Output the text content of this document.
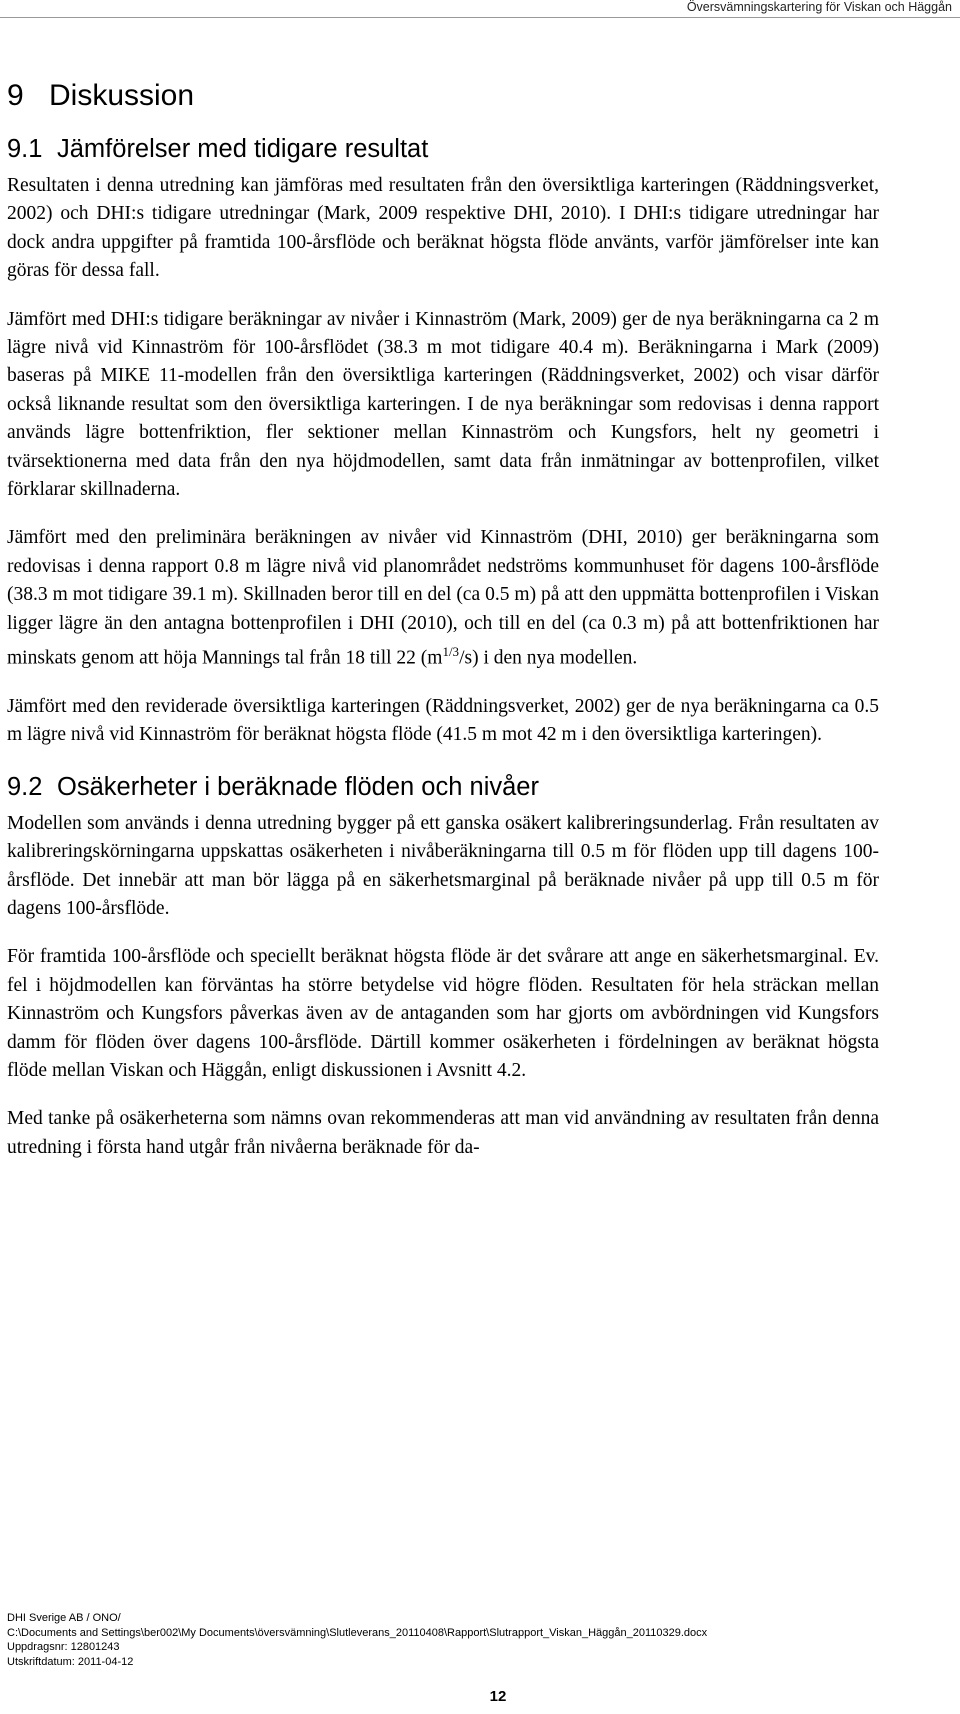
Översvämningskartering för Viskan och Häggån
9 Diskussion
9.1 Jämförelser med tidigare resultat

Resultaten i denna utredning kan jämföras med resultaten från den översiktliga karteringen (Räddningsverket, 2002) och DHI:s tidigare utredningar (Mark, 2009 respektive DHI, 2010). I DHI:s tidigare utredningar har dock andra uppgifter på framtida 100-årsflöde och beräknat högsta flöde använts, varför jämförelser inte kan göras för dessa fall.

Jämfört med DHI:s tidigare beräkningar av nivåer i Kinnaström (Mark, 2009) ger de nya beräkningarna ca 2 m lägre nivå vid Kinnaström för 100-årsflödet (38.3 m mot tidigare 40.4 m). Beräkningarna i Mark (2009) baseras på MIKE 11-modellen från den översiktliga karteringen (Räddningsverket, 2002) och visar därför också liknande resultat som den översiktliga karteringen. I de nya beräkningar som redovisas i denna rapport används lägre bottenfriktion, fler sektioner mellan Kinnaström och Kungsfors, helt ny geometri i tvärsektionerna med data från den nya höjdmodellen, samt data från inmätningar av bottenprofilen, vilket förklarar skillnaderna.

Jämfört med den preliminära beräkningen av nivåer vid Kinnaström (DHI, 2010) ger beräkningarna som redovisas i denna rapport 0.8 m lägre nivå vid planområdet nedströms kommunhuset för dagens 100-årsflöde (38.3 m mot tidigare 39.1 m). Skillnaden beror till en del (ca 0.5 m) på att den uppmätta bottenprofilen i Viskan ligger lägre än den antagna bottenprofilen i DHI (2010), och till en del (ca 0.3 m) på att bottenfriktionen har minskats genom att höja Mannings tal från 18 till 22 $(m^{1/3}/s)$ i den nya modellen.

Jämfört med den reviderade översiktliga karteringen (Räddningsverket, 2002) ger de nya beräkningarna ca 0.5 m lägre nivå vid Kinnaström för beräknat högsta flöde (41.5 m mot 42 m i den översiktliga karteringen).

9.2 Osäkerheter i beräknade flöden och nivåer

Modellen som används i denna utredning bygger på ett ganska osäkert kalibreringsunderlag. Från resultaten av kalibreringskörningarna uppskattas osäkerheten i nivåberäkningarna till 0.5 m för flöden upp till dagens 100-årsflöde. Det innebär att man bör lägga på en säkerhetsmarginal på beräknade nivåer på upp till 0.5 m för dagens 100-årsflöde.

För framtida 100-årsflöde och speciellt beräknat högsta flöde är det svårare att ange en säkerhetsmarginal. Ev. fel i höjdmodellen kan förväntas ha större betydelse vid högre flöden. Resultaten för hela sträckan mellan Kinnaström och Kungsfors påverkas även av de antaganden som har gjorts om avbördningen vid Kungsfors damm för flöden över dagens 100-årsflöde. Därtill kommer osäkerheten i fördelningen av beräknat högsta flöde mellan Viskan och Häggån, enligt diskussionen i Avsnitt 4.2.

Med tanke på osäkerheterna som nämns ovan rekommenderas att man vid användning av resultaten från denna utredning i första hand utgår från nivåerna beräknade för da-

DHI Sverige AB / ONO/
C:\Documents and Settings\ber002\My Documents\översvämning\Slutleverans_20110408\Rapport\Slutrapport_Viskan_Häggån_20110329.docx
Uppdragsnr: 12801243
Utskriftdatum: 2011-04-12
12
